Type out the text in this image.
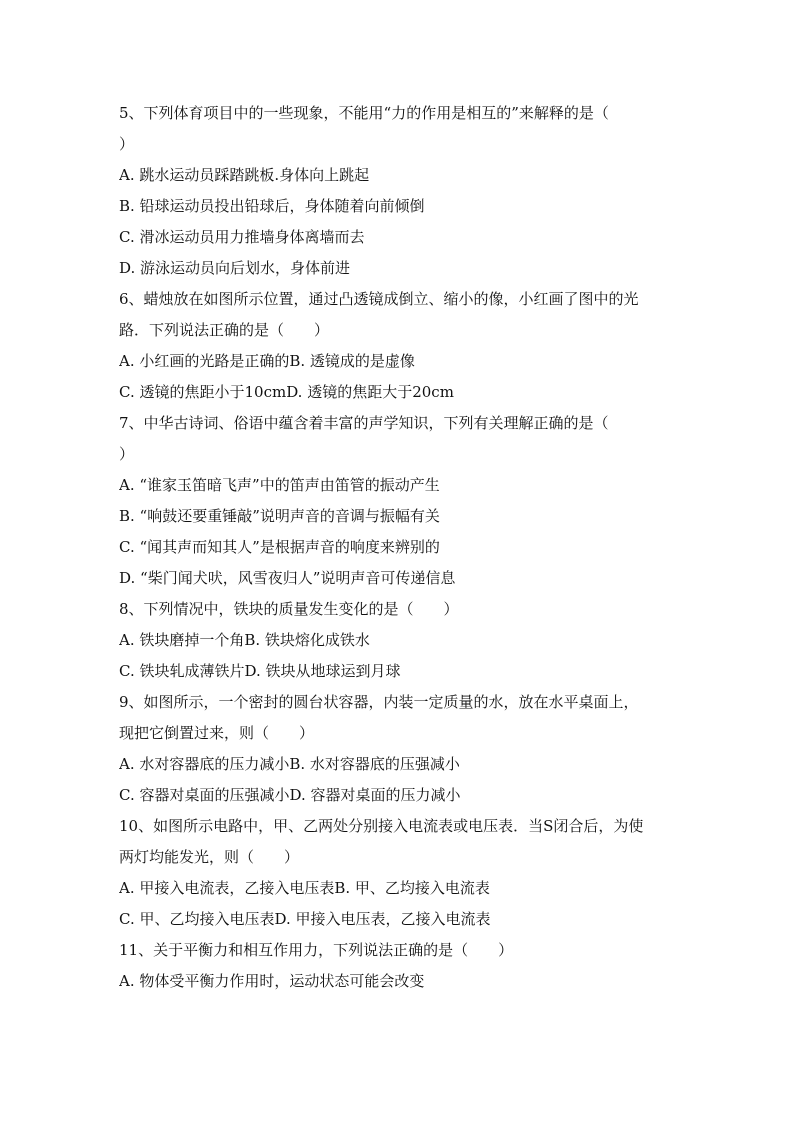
5、下列体育项目中的一些现象，不能用“力的作用是相互的”来解释的是（
）
A. 跳水运动员踩踏跳板.身体向上跳起
B. 铅球运动员投出铅球后，身体随着向前倾倒
C. 滑冰运动员用力推墙身体离墙而去
D. 游泳运动员向后划水，身体前进
6、蜡烛放在如图所示位置，通过凸透镜成倒立、缩小的像，小红画了图中的光
路．下列说法正确的是（　　）
A. 小红画的光路是正确的B. 透镜成的是虚像
C. 透镜的焦距小于10cmD. 透镜的焦距大于20cm
7、中华古诗词、俗语中蕴含着丰富的声学知识，下列有关理解正确的是（
）
A. “谁家玉笛暗飞声”中的笛声由笛管的振动产生
B. “响鼓还要重锤敲”说明声音的音调与振幅有关
C. “闻其声而知其人”是根据声音的响度来辨别的
D. “柴门闻犬吠，风雪夜归人”说明声音可传递信息
8、下列情况中，铁块的质量发生变化的是（　　）
A. 铁块磨掉一个角B. 铁块熔化成铁水
C. 铁块轧成薄铁片D. 铁块从地球运到月球
9、如图所示，一个密封的圆台状容器，内装一定质量的水，放在水平桌面上，
现把它倒置过来，则（　　）
A. 水对容器底的压力减小B. 水对容器底的压强减小
C. 容器对桌面的压强减小D. 容器对桌面的压力减小
10、如图所示电路中，甲、乙两处分别接入电流表或电压表．当S闭合后，为使
两灯均能发光，则（　　）
A. 甲接入电流表，乙接入电压表B. 甲、乙均接入电流表
C. 甲、乙均接入电压表D. 甲接入电压表，乙接入电流表
11、关于平衡力和相互作用力，下列说法正确的是（　　）
A. 物体受平衡力作用时，运动状态可能会改变
